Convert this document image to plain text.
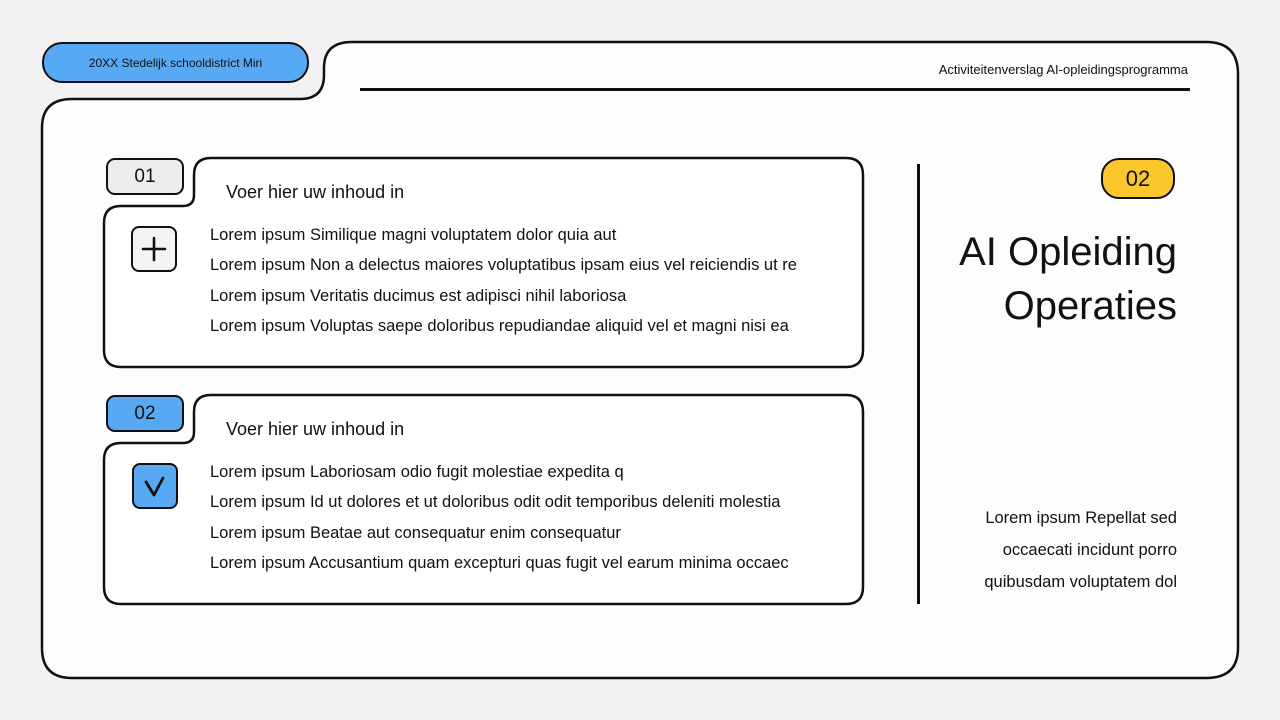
20XX Stedelijk schooldistrict Miri	Activiteitenverslag AI-opleidingsprogramma
01
Voer hier uw inhoud in
Lorem ipsum Similique magni voluptatem dolor quia aut
Lorem ipsum Non a delectus maiores voluptatibus ipsam eius vel reiciendis ut re
Lorem ipsum Veritatis ducimus est adipisci nihil laboriosa
Lorem ipsum Voluptas saepe doloribus repudiandae aliquid vel et magni nisi ea
02
Voer hier uw inhoud in
Lorem ipsum Laboriosam odio fugit molestiae expedita q
Lorem ipsum Id ut dolores et ut doloribus odit odit temporibus deleniti molestia
Lorem ipsum Beatae aut consequatur enim consequatur
Lorem ipsum Accusantium quam excepturi quas fugit vel earum minima occaec
02
AI Opleiding
Operaties
Lorem ipsum Repellat sed
occaecati incidunt porro
quibusdam voluptatem dol
